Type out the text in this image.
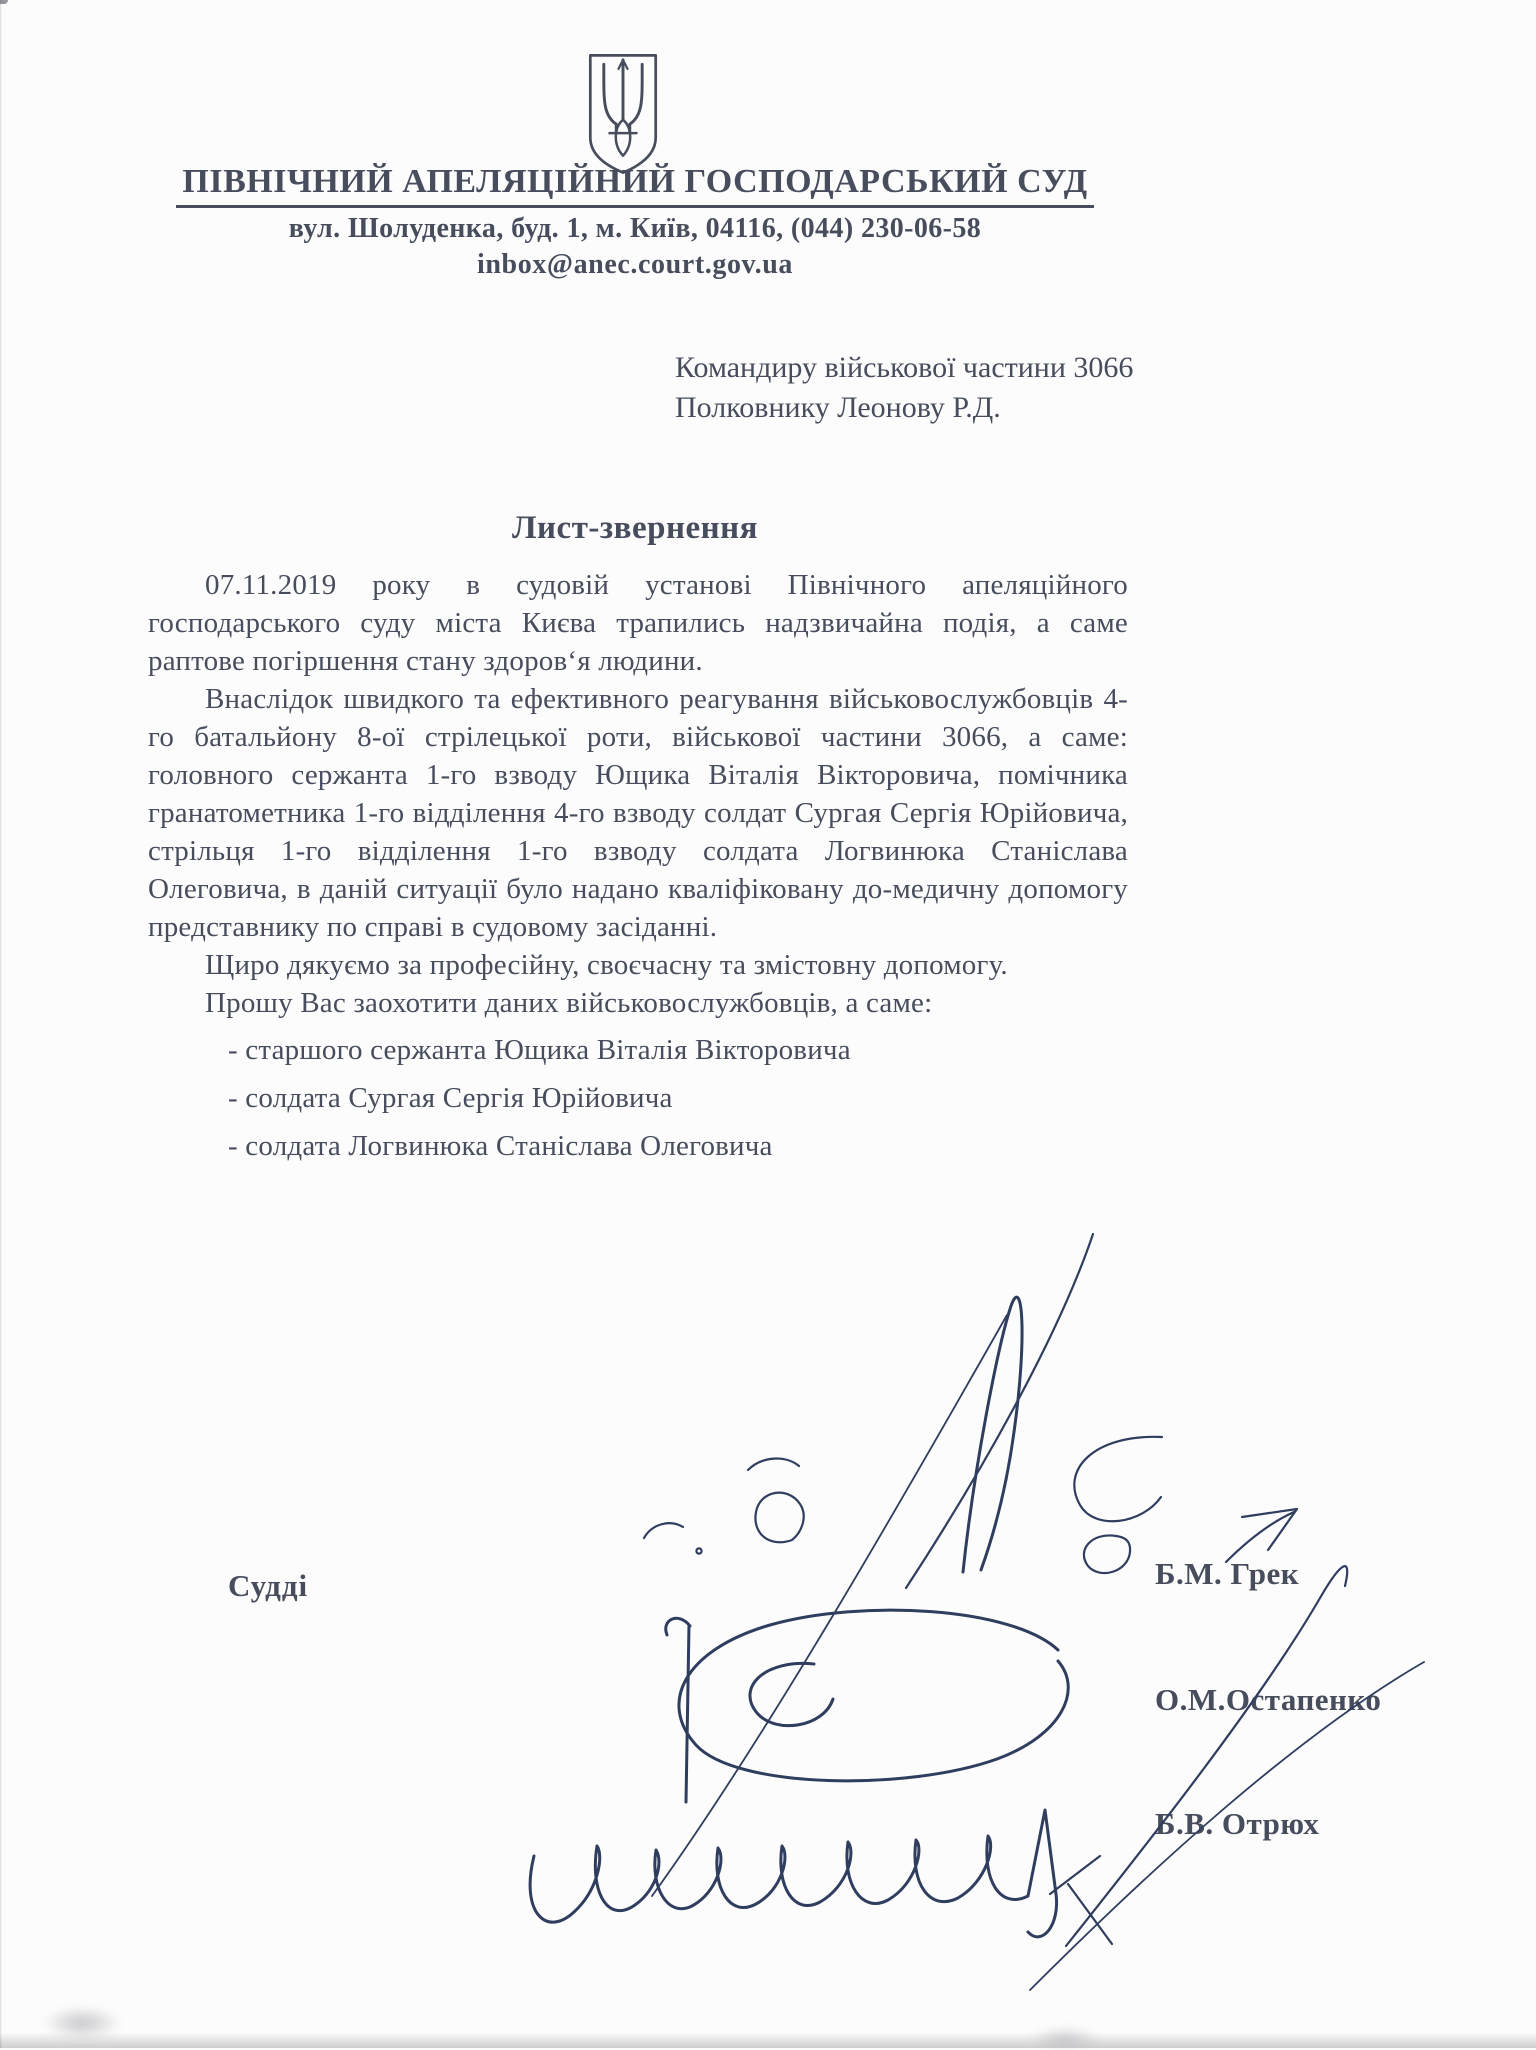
ПІВНІЧНИЙ АПЕЛЯЦІЙНИЙ ГОСПОДАРСЬКИЙ СУД
вул. Шолуденка, буд. 1, м. Київ, 04116, (044) 230-06-58
inbox@anec.court.gov.ua
Командиру військової частини 3066
Полковнику Леонову Р.Д.
Лист-звернення

07.11.2019 року в судовій установі Північного апеляційного господарського суду міста Києва трапились надзвичайна подія, а саме раптове погіршення стану здоров‘я людини.

Внаслідок швидкого та ефективного реагування військовослужбовців 4-го батальйону 8-ої стрілецької роти, військової частини 3066, а саме: головного сержанта 1-го взводу Ющика Віталія Вікторовича, помічника гранатометника 1-го відділення 4-го взводу солдат Сургая Сергія Юрійовича, стрільця 1-го відділення 1-го взводу солдата Логвинюка Станіслава Олеговича, в даній ситуації було надано кваліфіковану до-медичну допомогу представнику по справі в судовому засіданні.

Щиро дякуємо за професійну, своєчасну та змістовну допомогу.

Прошу Вас заохотити даних військовослужбовців, а саме:

- старшого сержанта Ющика Віталія Вікторовича
- солдата Сургая Сергія Юрійовича
- солдата Логвинюка Станіслава Олеговича
Судді	Б.М. Грек
О.М.Остапенко
Б.В. Отрюх
